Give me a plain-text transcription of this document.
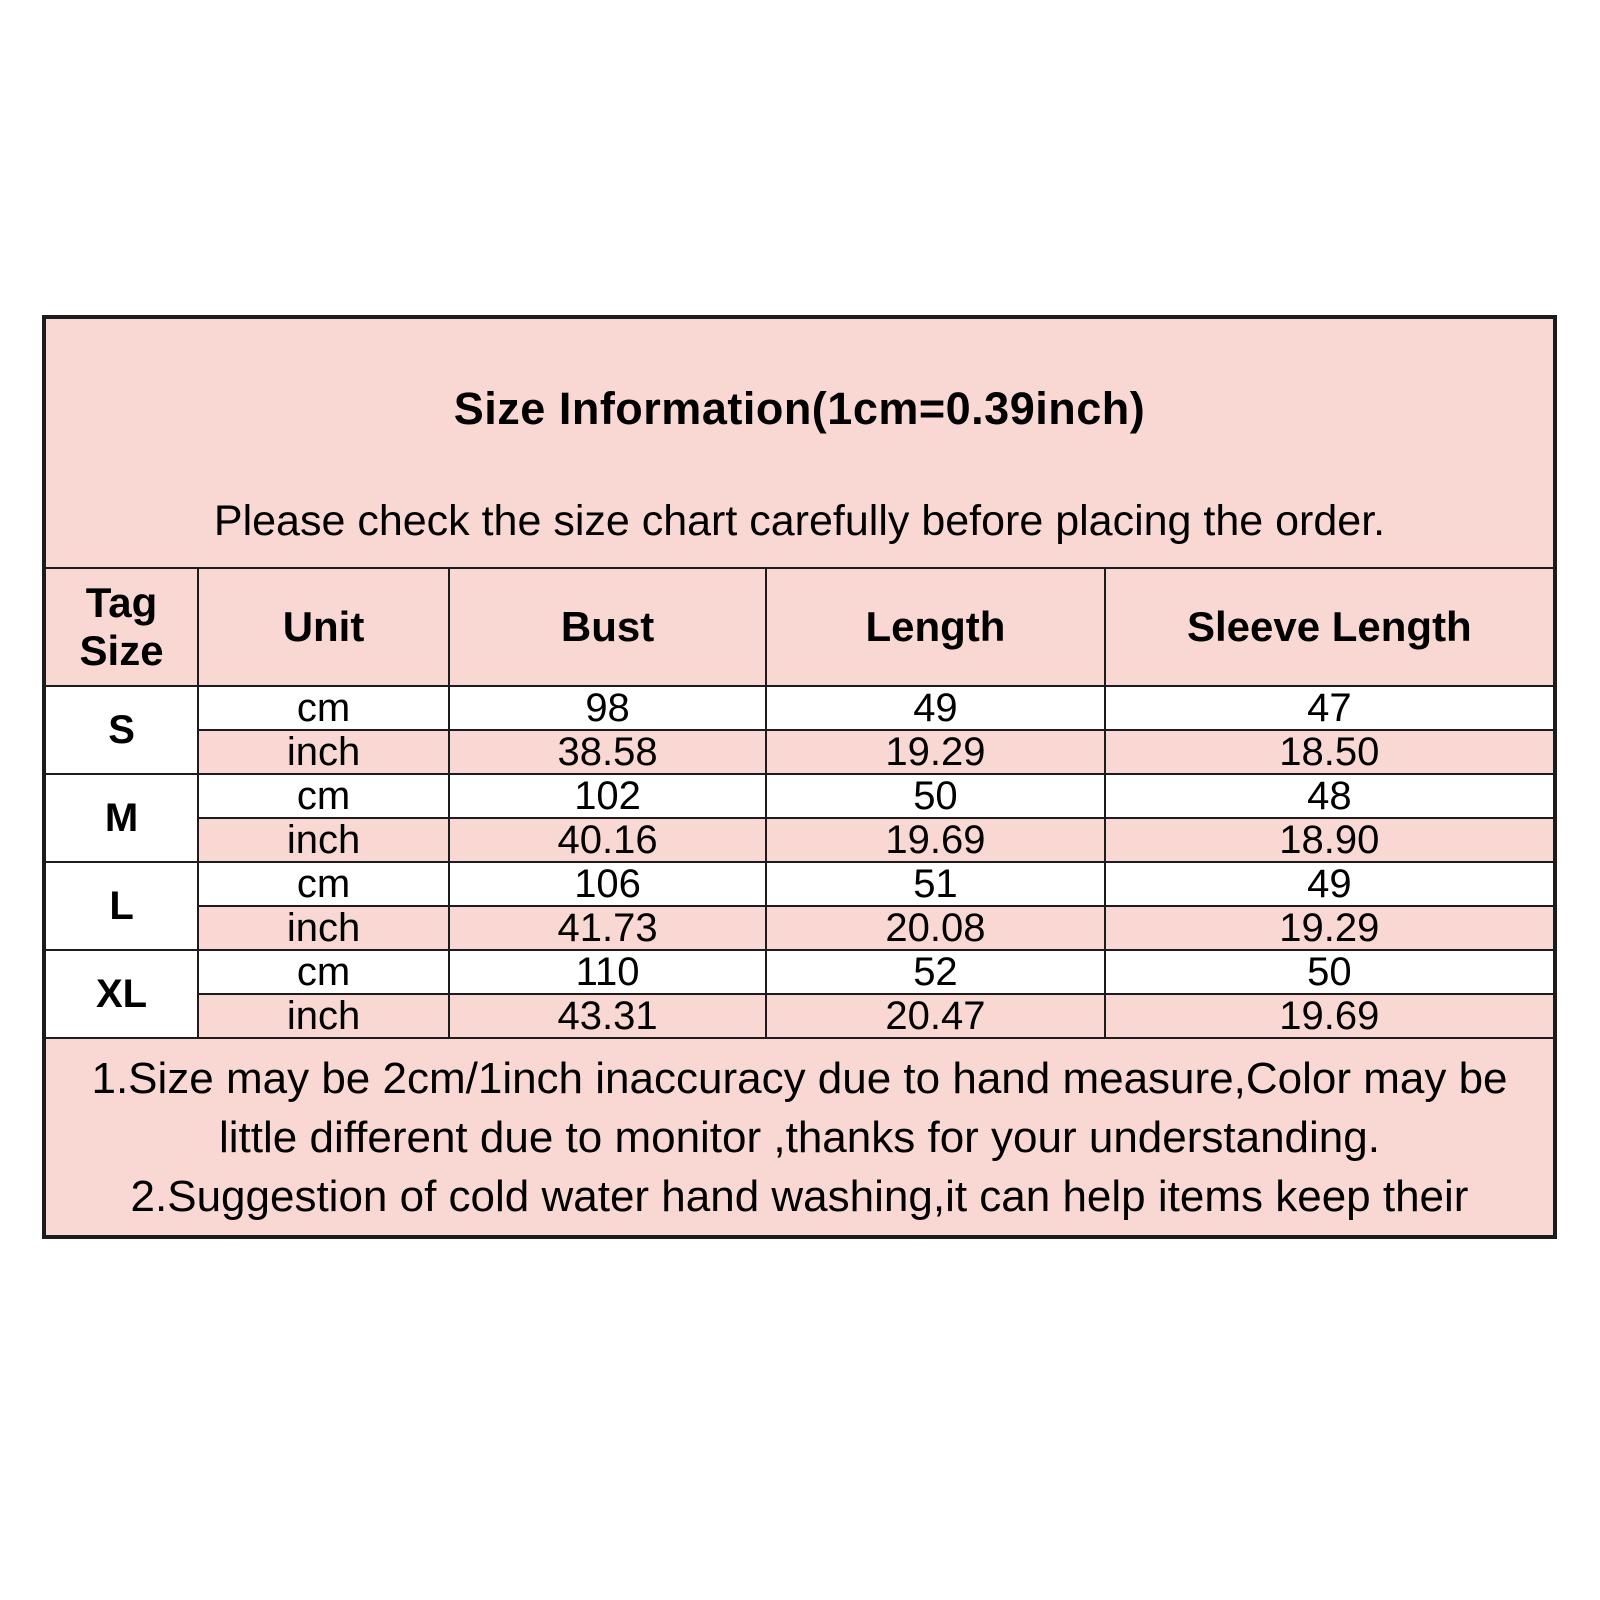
Size Information(1cm=0.39inch)
Please check the size chart carefully before placing the order.				

Tag Size	Unit	Bust	Length	Sleeve Length
S	cm	98	49	47
	inch	38.58	19.29	18.50
M	cm	102	50	48
	inch	40.16	19.69	18.90
L	cm	106	51	49
	inch	41.73	20.08	19.29
XL	cm	110	52	50
	inch	43.31	20.47	19.69

1.Size may be 2cm/1inch inaccuracy due to hand measure,Color may be
little different due to monitor ,thanks for your understanding.
2.Suggestion of cold water hand washing,it can help items keep their				
